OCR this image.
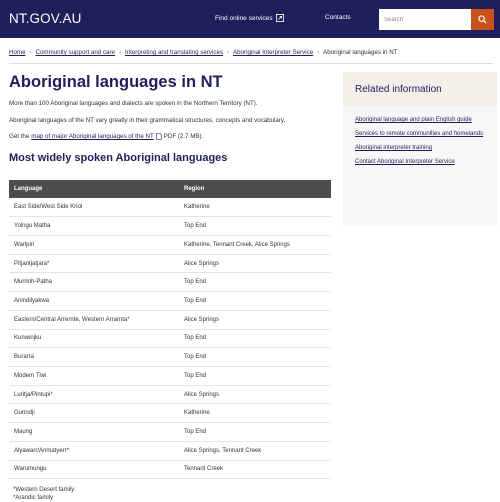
NT.GOV.AU	Find online services	Contacts
Search
Home › Community support and care › Interpreting and translating services › Aboriginal Interpreter Service › Aboriginal languages in NT
Aboriginal languages in NT

More than 100 Aboriginal languages and dialects are spoken in the Northern Territory (NT).

Aboriginal languages of the NT vary greatly in their grammatical structures, concepts and vocabulary.

Get the map of major Aboriginal languages of the NT PDF (2.7 MB).

Most widely spoken Aboriginal languages
Language	Region
East Side/West Side Kriol	Katherine
Yolngu Matha	Top End
Warlpiri	Katherine, Tennant Creek, Alice Springs
Pitjantjatjara*	Alice Springs
Murrinh-Patha	Top End
Anindilyakwa	Top End
Eastern/Central Arrernte, Western Arrarnta*	Alice Springs
Kunwinjku	Top End
Burarra	Top End
Modern Tiwi	Top End
Luritja/Pintupi*	Alice Springs
Gurindji	Katherine
Maung	Top End
Alyawarr/Anmatyerr*	Alice Springs, Tennant Creek
Warumungu	Tennant Creek
*Western Desert family
*Arandic family
Related information
Aboriginal language and plain English guide
Services to remote communities and homelands
Aboriginal interpreter training
Contact Aboriginal Interpreter Service
